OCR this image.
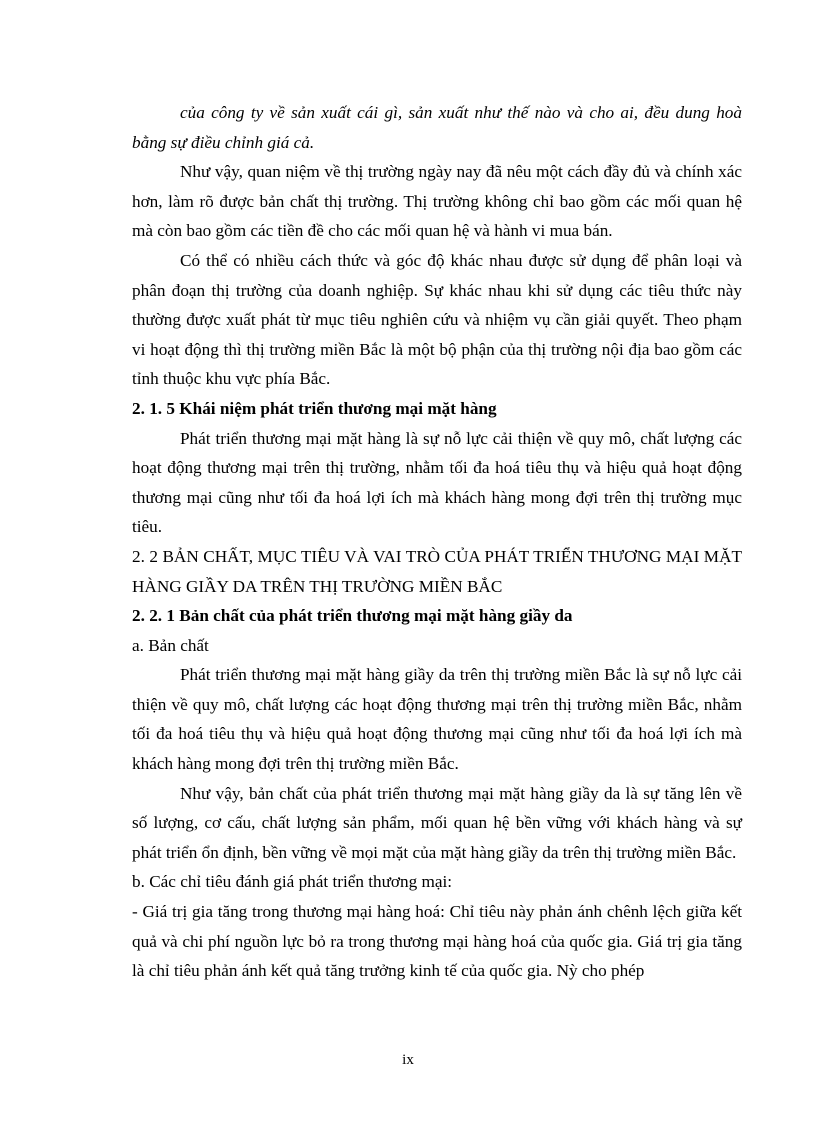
của công ty về sản xuất cái gì, sản xuất như thế nào và cho ai, đều dung hoà bằng sự điều chỉnh giá cả.

Như vậy, quan niệm về thị trường ngày nay đã nêu một cách đầy đủ và chính xác hơn, làm rõ được bản chất thị trường. Thị trường không chỉ bao gồm các mối quan hệ mà còn bao gồm các tiền đề cho các mối quan hệ và hành vi mua bán.

Có thể có nhiều cách thức và góc độ khác nhau được sử dụng để phân loại và phân đoạn thị trường của doanh nghiệp. Sự khác nhau khi sử dụng các tiêu thức này thường được xuất phát từ mục tiêu nghiên cứu và nhiệm vụ cần giải quyết. Theo phạm vi hoạt động thì thị trường miền Bắc là một bộ phận của thị trường nội địa bao gồm các tỉnh thuộc khu vực phía Bắc.

2. 1. 5 Khái niệm phát triển thương mại mặt hàng

Phát triển thương mại mặt hàng là sự nỗ lực cải thiện về quy mô, chất lượng các hoạt động thương mại trên thị trường, nhằm tối đa hoá tiêu thụ và hiệu quả hoạt động thương mại cũng như tối đa hoá lợi ích mà khách hàng mong đợi trên thị trường mục tiêu.

2. 2 BẢN CHẤT, MỤC TIÊU VÀ VAI TRÒ CỦA PHÁT TRIỂN THƯƠNG MẠI MẶT HÀNG GIẦY DA TRÊN THỊ TRƯỜNG MIỀN BẮC

2. 2. 1 Bản chất của phát triển thương mại mặt hàng giầy da

a. Bản chất

Phát triển thương mại mặt hàng giầy da trên thị trường miền Bắc là sự nỗ lực cải thiện về quy mô, chất lượng các hoạt động thương mại trên thị trường miền Bắc, nhằm tối đa hoá tiêu thụ và hiệu quả hoạt động thương mại cũng như tối đa hoá lợi ích mà khách hàng mong đợi trên thị trường miền Bắc.

Như vậy, bản chất của phát triển thương mại mặt hàng giầy da là sự tăng lên về số lượng, cơ cấu, chất lượng sản phẩm, mối quan hệ bền vững với khách hàng và sự phát triển ổn định, bền vững về mọi mặt của mặt hàng giầy da trên thị trường miền Bắc.

b. Các chỉ tiêu đánh giá phát triển thương mại:

- Giá trị gia tăng trong thương mại hàng hoá: Chỉ tiêu này phản ánh chênh lệch giữa kết quả và chi phí nguồn lực bỏ ra trong thương mại hàng hoá của quốc gia. Giá trị gia tăng là chỉ tiêu phản ánh kết quả tăng trưởng kinh tế của quốc gia. Nỳ cho phép

ix
